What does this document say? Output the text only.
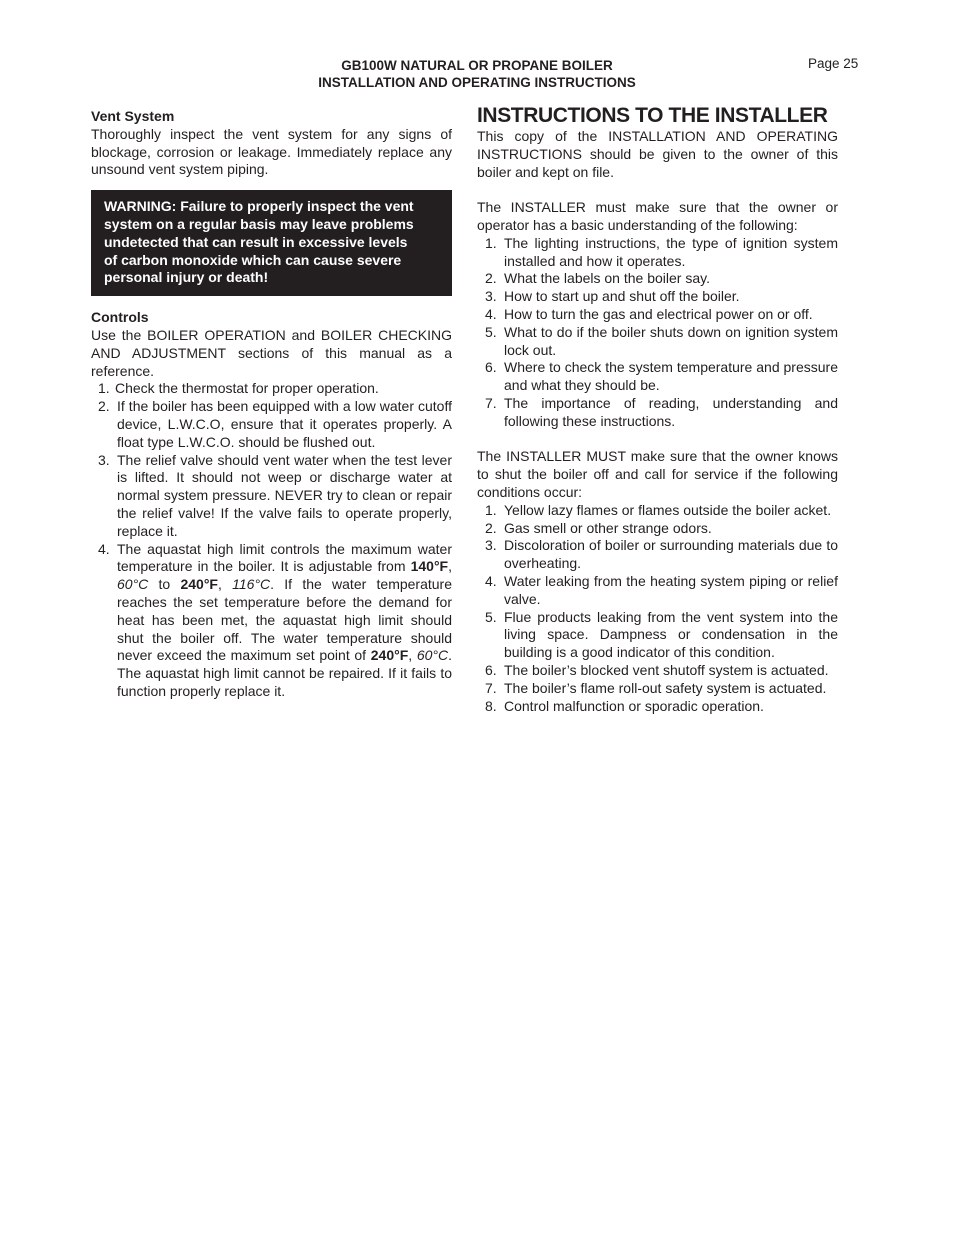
GB100W NATURAL OR PROPANE BOILER
INSTALLATION AND OPERATING INSTRUCTIONS
Page 25
Vent System

Thoroughly inspect the vent system for any signs of blockage, corrosion or leakage. Immediately replace any unsound vent system piping.

WARNING: Failure to properly inspect the vent
system on a regular basis may leave problems
undetected that can result in excessive levels
of carbon monoxide which can cause severe
personal injury or death!
Controls

Use the BOILER OPERATION and BOILER CHECKING AND ADJUSTMENT sections of this manual as a reference.

1. Check the thermostat for proper operation.
2. If the boiler has been equipped with a low water cutoff device, L.W.C.O, ensure that it operates properly. A float type L.W.C.O. should be flushed out.
3. The relief valve should vent water when the test lever is lifted. It should not weep or discharge water at normal system pressure. NEVER try to clean or repair the relief valve! If the valve fails to operate properly, replace it.
4. The aquastat high limit controls the maximum water temperature in the boiler. It is adjustable from 140°F, 60°C to 240°F, 116°C. If the water temperature reaches the set temperature before the demand for heat has been met, the aquastat high limit should shut the boiler off. The water temperature should never exceed the maximum set point of 240°F, 60°C. The aquastat high limit cannot be repaired. If it fails to function properly replace it.
INSTRUCTIONS TO THE INSTALLER

This copy of the INSTALLATION AND OPERATING INSTRUCTIONS should be given to the owner of this boiler and kept on file.

The INSTALLER must make sure that the owner or operator has a basic understanding of the following:

1. The lighting instructions, the type of ignition system installed and how it operates.
2. What the labels on the boiler say.
3. How to start up and shut off the boiler.
4. How to turn the gas and electrical power on or off.
5. What to do if the boiler shuts down on ignition system lock out.
6. Where to check the system temperature and pressure and what they should be.
7. The importance of reading, understanding and following these instructions.

The INSTALLER MUST make sure that the owner knows to shut the boiler off and call for service if the following conditions occur:

1. Yellow lazy flames or flames outside the boiler acket.
2. Gas smell or other strange odors.
3. Discoloration of boiler or surrounding materials due to overheating.
4. Water leaking from the heating system piping or relief valve.
5. Flue products leaking from the vent system into the living space. Dampness or condensation in the building is a good indicator of this condition.
6. The boiler’s blocked vent shutoff system is actuated.
7. The boiler’s flame roll-out safety system is actuated.
8. Control malfunction or sporadic operation.
